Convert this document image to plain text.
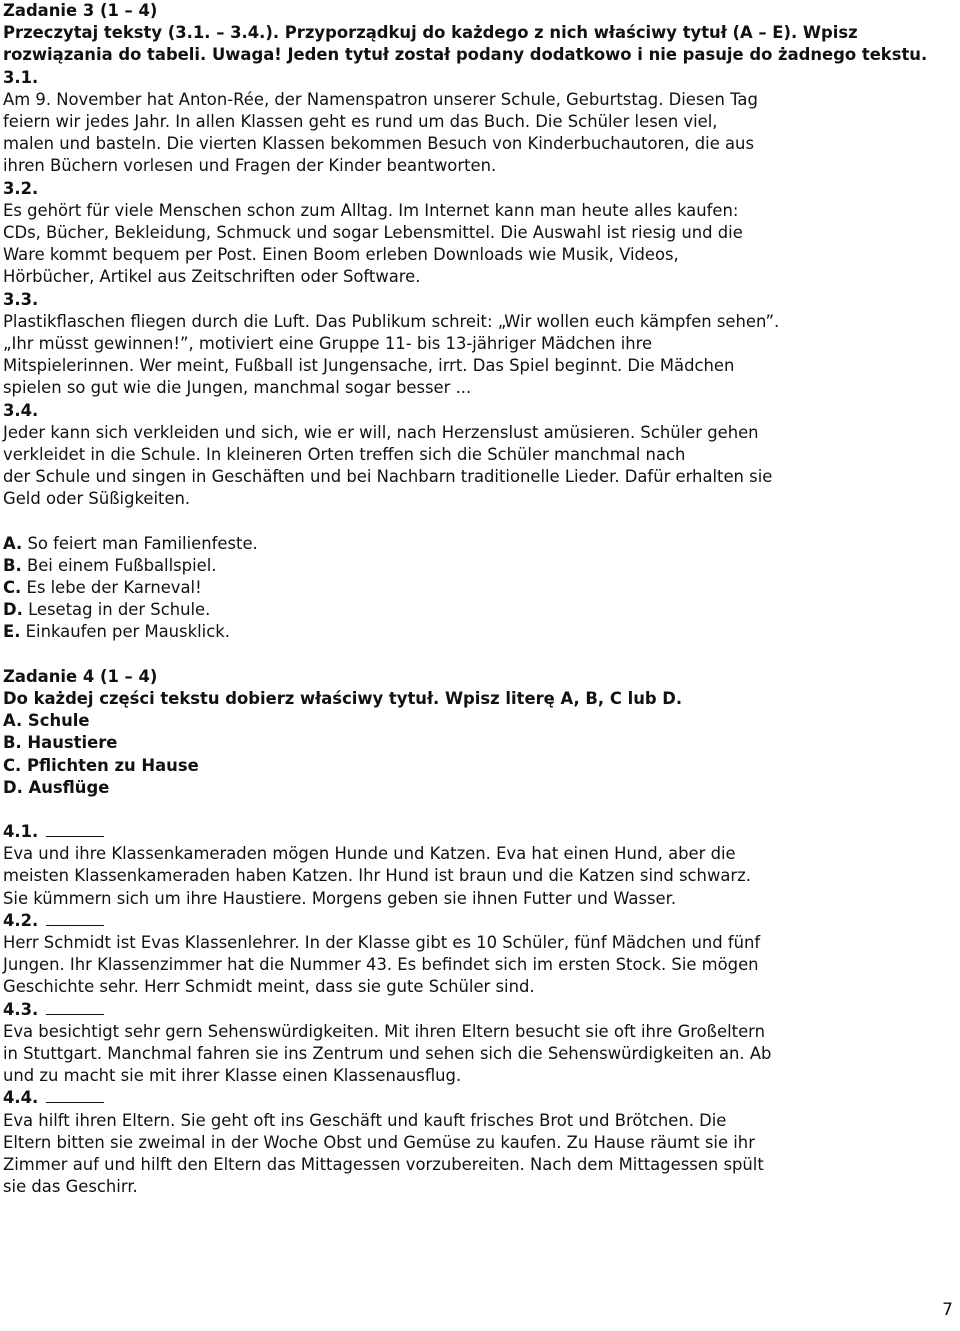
Zadanie 3 (1 – 4)
Przeczytaj teksty (3.1. – 3.4.). Przyporządkuj do każdego z nich właściwy tytuł (A – E). Wpisz
rozwiązania do tabeli. Uwaga! Jeden tytuł został podany dodatkowo i nie pasuje do żadnego tekstu.
3.1.
Am 9. November hat Anton-Rée, der Namenspatron unserer Schule, Geburtstag. Diesen Tag
feiern wir jedes Jahr. In allen Klassen geht es rund um das Buch. Die Schüler lesen viel,
malen und basteln. Die vierten Klassen bekommen Besuch von Kinderbuchautoren, die aus
ihren Büchern vorlesen und Fragen der Kinder beantworten.
3.2.
Es gehört für viele Menschen schon zum Alltag. Im Internet kann man heute alles kaufen:
CDs, Bücher, Bekleidung, Schmuck und sogar Lebensmittel. Die Auswahl ist riesig und die
Ware kommt bequem per Post. Einen Boom erleben Downloads wie Musik, Videos,
Hörbücher, Artikel aus Zeitschriften oder Software.
3.3.
Plastikflaschen fliegen durch die Luft. Das Publikum schreit: „Wir wollen euch kämpfen sehen”.
„Ihr müsst gewinnen!”, motiviert eine Gruppe 11- bis 13-jähriger Mädchen ihre
Mitspielerinnen. Wer meint, Fußball ist Jungensache, irrt. Das Spiel beginnt. Die Mädchen
spielen so gut wie die Jungen, manchmal sogar besser ...
3.4.
Jeder kann sich verkleiden und sich, wie er will, nach Herzenslust amüsieren. Schüler gehen
verkleidet in die Schule. In kleineren Orten treffen sich die Schüler manchmal nach
der Schule und singen in Geschäften und bei Nachbarn traditionelle Lieder. Dafür erhalten sie
Geld oder Süßigkeiten.
A. So feiert man Familienfeste.
B. Bei einem Fußballspiel.
C. Es lebe der Karneval!
D. Lesetag in der Schule.
E. Einkaufen per Mausklick.
Zadanie 4 (1 – 4)
Do każdej części tekstu dobierz właściwy tytuł. Wpisz literę A, B, C lub D.
A. Schule
B. Haustiere
C. Pflichten zu Hause
D. Ausflüge
4.1.
Eva und ihre Klassenkameraden mögen Hunde und Katzen. Eva hat einen Hund, aber die
meisten Klassenkameraden haben Katzen. Ihr Hund ist braun und die Katzen sind schwarz.
Sie kümmern sich um ihre Haustiere. Morgens geben sie ihnen Futter und Wasser.
4.2.
Herr Schmidt ist Evas Klassenlehrer. In der Klasse gibt es 10 Schüler, fünf Mädchen und fünf
Jungen. Ihr Klassenzimmer hat die Nummer 43. Es befindet sich im ersten Stock. Sie mögen
Geschichte sehr. Herr Schmidt meint, dass sie gute Schüler sind.
4.3.
Eva besichtigt sehr gern Sehenswürdigkeiten. Mit ihren Eltern besucht sie oft ihre Großeltern
in Stuttgart. Manchmal fahren sie ins Zentrum und sehen sich die Sehenswürdigkeiten an. Ab
und zu macht sie mit ihrer Klasse einen Klassenausflug.
4.4.
Eva hilft ihren Eltern. Sie geht oft ins Geschäft und kauft frisches Brot und Brötchen. Die
Eltern bitten sie zweimal in der Woche Obst und Gemüse zu kaufen. Zu Hause räumt sie ihr
Zimmer auf und hilft den Eltern das Mittagessen vorzubereiten. Nach dem Mittagessen spült
sie das Geschirr.
7
